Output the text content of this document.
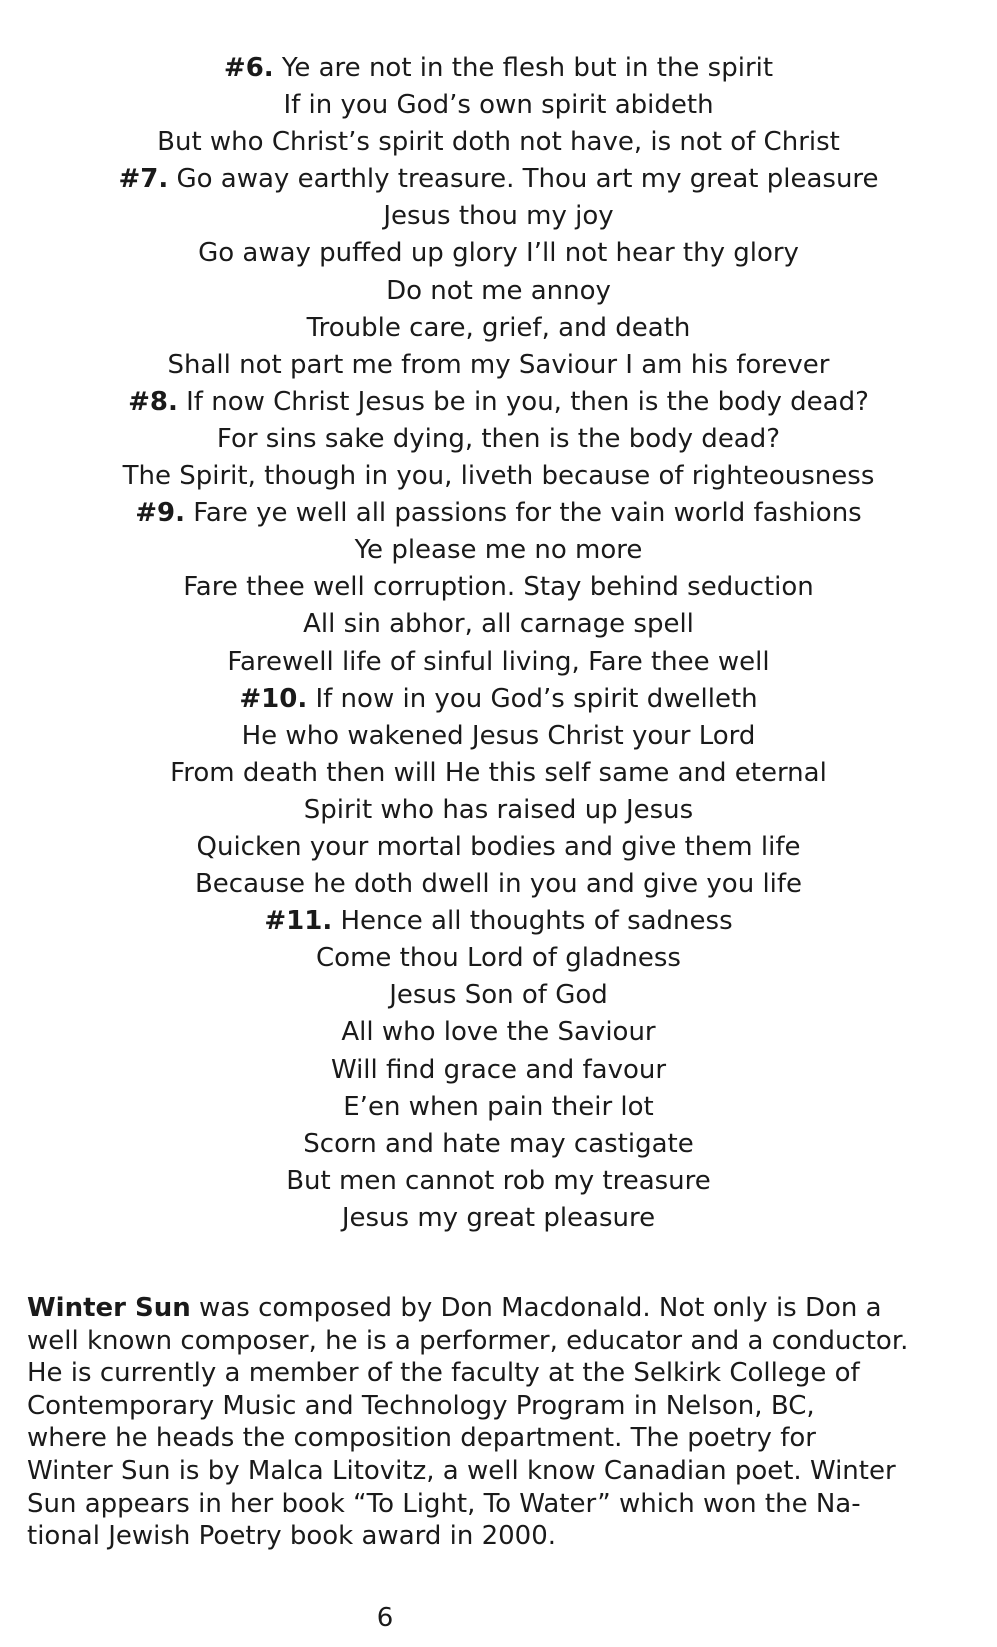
#6. Ye are not in the flesh but in the spirit
If in you God’s own spirit abideth
But who Christ’s spirit doth not have, is not of Christ
#7. Go away earthly treasure. Thou art my great pleasure
Jesus thou my joy
Go away puffed up glory I’ll not hear thy glory
Do not me annoy
Trouble care, grief, and death
Shall not part me from my Saviour I am his forever
#8. If now Christ Jesus be in you, then is the body dead?
For sins sake dying, then is the body dead?
The Spirit, though in you, liveth because of righteousness
#9. Fare ye well all passions for the vain world fashions
Ye please me no more
Fare thee well corruption. Stay behind seduction
All sin abhor, all carnage spell
Farewell life of sinful living, Fare thee well
#10. If now in you God’s spirit dwelleth
He who wakened Jesus Christ your Lord
From death then will He this self same and eternal
Spirit who has raised up Jesus
Quicken your mortal bodies and give them life
Because he doth dwell in you and give you life
#11. Hence all thoughts of sadness
Come thou Lord of gladness
Jesus Son of God
All who love the Saviour
Will find grace and favour
E’en when pain their lot
Scorn and hate may castigate
But men cannot rob my treasure
Jesus my great pleasure
Winter Sun was composed by Don Macdonald. Not only is Don a
well known composer, he is a performer, educator and a conductor.
He is currently a member of the faculty at the Selkirk College of
Contemporary Music and Technology Program in Nelson, BC,
where he heads the composition department. The poetry for
Winter Sun is by Malca Litovitz, a well know Canadian poet. Winter
Sun appears in her book “To Light, To Water” which won the Na-
tional Jewish Poetry book award in 2000.
6
